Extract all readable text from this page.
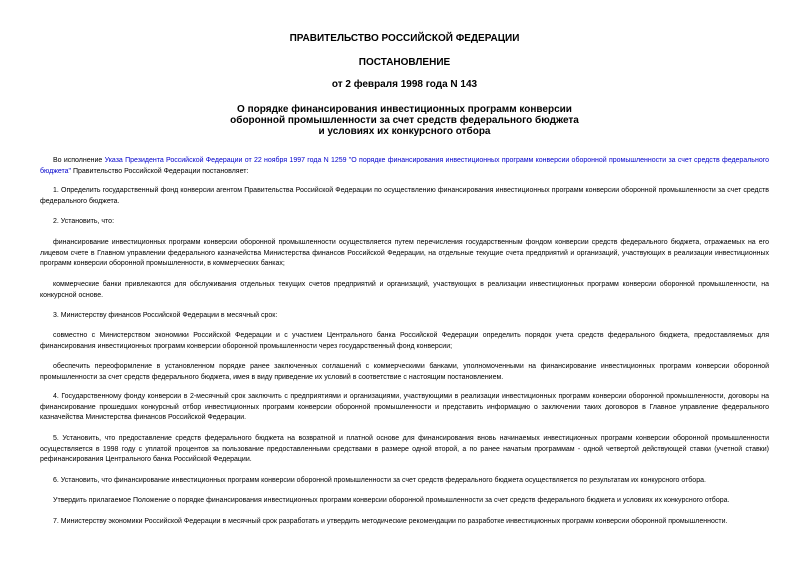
ПРАВИТЕЛЬСТВО РОССИЙСКОЙ ФЕДЕРАЦИИ
ПОСТАНОВЛЕНИЕ
от 2 февраля 1998 года N 143
О порядке финансирования инвестиционных программ конверсии
оборонной промышленности за счет средств федерального бюджета
и условиях их конкурсного отбора

Во исполнение Указа Президента Российской Федерации от 22 ноября 1997 года N 1259 "О порядке финансирования инвестиционных программ конверсии оборонной промышленности за счет средств федерального бюджета" Правительство Российской Федерации постановляет:

1. Определить государственный фонд конверсии агентом Правительства Российской Федерации по осуществлению финансирования инвестиционных программ конверсии оборонной промышленности за счет средств федерального бюджета.

2. Установить, что:

финансирование инвестиционных программ конверсии оборонной промышленности осуществляется путем перечисления государственным фондом конверсии средств федерального бюджета, отражаемых на его лицевом счете в Главном управлении федерального казначейства Министерства финансов Российской Федерации, на отдельные текущие счета предприятий и организаций, участвующих в реализации инвестиционных программ конверсии оборонной промышленности, в коммерческих банках;

коммерческие банки привлекаются для обслуживания отдельных текущих счетов предприятий и организаций, участвующих в реализации инвестиционных программ конверсии оборонной промышленности, на конкурсной основе.

3. Министерству финансов Российской Федерации в месячный срок:

совместно с Министерством экономики Российской Федерации и с участием Центрального банка Российской Федерации определить порядок учета средств федерального бюджета, предоставляемых для финансирования инвестиционных программ конверсии оборонной промышленности через государственный фонд конверсии;

обеспечить переоформление в установленном порядке ранее заключенных соглашений с коммерческими банками, уполномоченными на финансирование инвестиционных программ конверсии оборонной промышленности за счет средств федерального бюджета, имея в виду приведение их условий в соответствие с настоящим постановлением.

4. Государственному фонду конверсии в 2-месячный срок заключить с предприятиями и организациями, участвующими в реализации инвестиционных программ конверсии оборонной промышленности, договоры на финансирование прошедших конкурсный отбор инвестиционных программ конверсии оборонной промышленности и представить информацию о заключении таких договоров в Главное управление федерального казначейства Министерства финансов Российской Федерации.

5. Установить, что предоставление средств федерального бюджета на возвратной и платной основе для финансирования вновь начинаемых инвестиционных программ конверсии оборонной промышленности осуществляется в 1998 году с уплатой процентов за пользование предоставленными средствами в размере одной второй, а по ранее начатым программам - одной четвертой действующей ставки (учетной ставки) рефинансирования Центрального банка Российской Федерации.

6. Установить, что финансирование инвестиционных программ конверсии оборонной промышленности за счет средств федерального бюджета осуществляется по результатам их конкурсного отбора.

Утвердить прилагаемое Положение о порядке финансирования инвестиционных программ конверсии оборонной промышленности за счет средств федерального бюджета и условиях их конкурсного отбора.

7. Министерству экономики Российской Федерации в месячный срок разработать и утвердить методические рекомендации по разработке инвестиционных программ конверсии оборонной промышленности.
